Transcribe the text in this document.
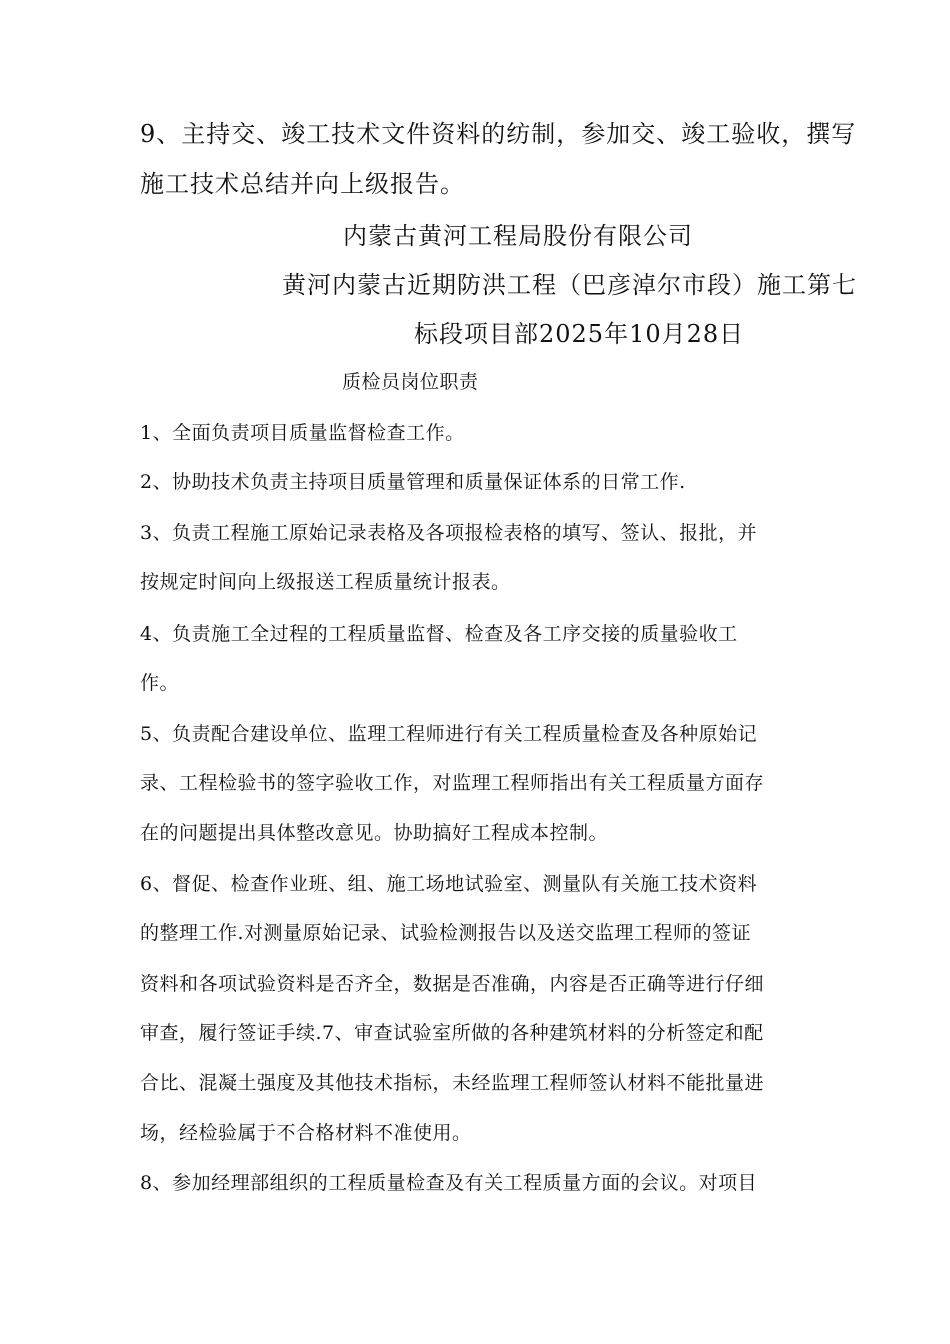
9、主持交、竣工技术文件资料的纺制，参加交、竣工验收，撰写
施工技术总结并向上级报告。
内蒙古黄河工程局股份有限公司
黄河内蒙古近期防洪工程（巴彦淖尔市段）施工第七
标段项目部2025年10月28日
质检员岗位职责
1、全面负责项目质量监督检查工作。
2、协助技术负责主持项目质量管理和质量保证体系的日常工作.
3、负责工程施工原始记录表格及各项报检表格的填写、签认、报批，并
按规定时间向上级报送工程质量统计报表。
4、负责施工全过程的工程质量监督、检查及各工序交接的质量验收工
作。
5、负责配合建设单位、监理工程师进行有关工程质量检查及各种原始记
录、工程检验书的签字验收工作，对监理工程师指出有关工程质量方面存
在的问题提出具体整改意见。协助搞好工程成本控制。
6、督促、检查作业班、组、施工场地试验室、测量队有关施工技术资料
的整理工作.对测量原始记录、试验检测报告以及送交监理工程师的签证
资料和各项试验资料是否齐全，数据是否准确，内容是否正确等进行仔细
审查，履行签证手续.7、审查试验室所做的各种建筑材料的分析签定和配
合比、混凝土强度及其他技术指标，未经监理工程师签认材料不能批量进
场，经检验属于不合格材料不准使用。
8、参加经理部组织的工程质量检查及有关工程质量方面的会议。对项目
